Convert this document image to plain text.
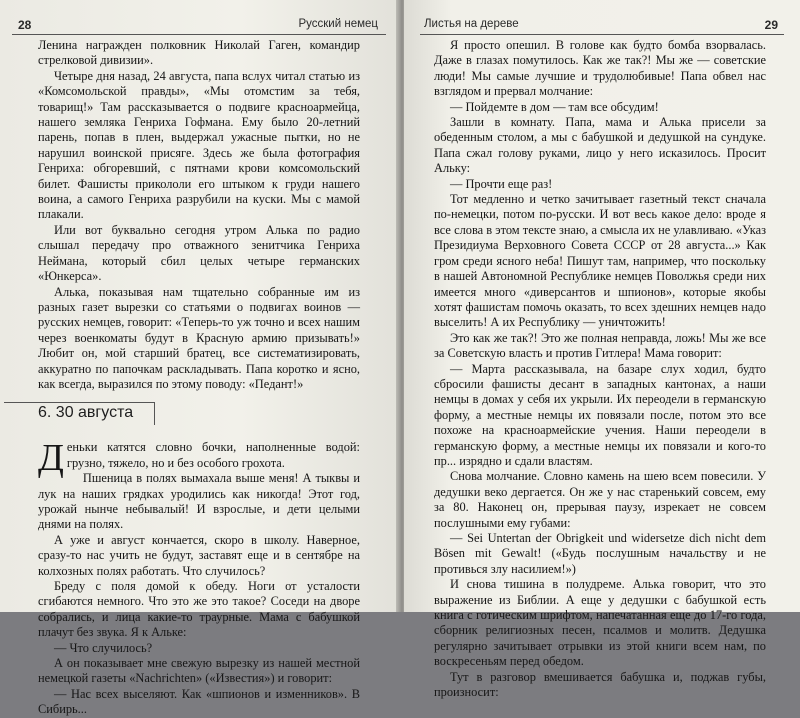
28	Русский немец

Ленина награжден полковник Николай Гаген, командир стрелковой дивизии».

Четыре дня назад, 24 августа, папа вслух читал статью из «Комсомольской правды», «Мы отомстим за тебя, товарищ!» Там рассказывается о подвиге красноармейца, нашего земляка Генриха Гофмана. Ему было 20-летний парень, попав в плен, выдержал ужасные пытки, но не нарушил воинской присяге. Здесь же была фотография Генриха: обгоревший, с пятнами крови комсомольский билет. Фашисты прикололи его штыком к груди нашего воина, а самого Генриха разрубили на куски. Мы с мамой плакали.

Или вот буквально сегодня утром Алька по радио слышал передачу про отважного зенитчика Генриха Неймана, который сбил целых четыре германских «Юнкерса».

Алька, показывая нам тщательно собранные им из разных газет вырезки со статьями о подвигах воинов — русских немцев, говорит: «Теперь-то уж точно и всех нашим через военкоматы будут в Красную армию призывать!» Любит он, мой старший братец, все систематизировать, аккуратно по папочкам раскладывать. Папа коротко и ясно, как всегда, выразился по этому поводу: «Педант!»

6. 30 августа

Деньки катятся словно бочки, наполненные водой: грузно, тяжело, но и без особого грохота.

Пшеница в полях вымахала выше меня! А тыквы и лук на наших грядках уродились как никогда! Этот год, урожай нынче небывалый! И взрослые, и дети целыми днями на полях.

А уже и август кончается, скоро в школу. Наверное, сразу-то нас учить не будут, заставят еще и в сентябре на колхозных полях работать. Что случилось?

Бреду с поля домой к обеду. Ноги от усталости сгибаются немного. Что это же это такое? Соседи на дворе собрались, и лица какие-то траурные. Мама с бабушкой плачут без звука. Я к Альке:

— Что случилось?

А он показывает мне свежую вырезку из нашей местной немецкой газеты «Nachrichten» («Известия») и говорит:

— Нас всех выселяют. Как «шпионов и изменников». В Сибирь...

Листья на дереве	29

Я просто опешил. В голове как будто бомба взорвалась. Даже в глазах помутилось. Как же так?! Мы же — советские люди! Мы самые лучшие и трудолюбивые! Папа обвел нас взглядом и прервал молчание:

— Пойдемте в дом — там все обсудим!

Зашли в комнату. Папа, мама и Алька присели за обеденным столом, а мы с бабушкой и дедушкой на сундуке. Папа сжал голову руками, лицо у него исказилось. Просит Альку:

— Прочти еще раз!

Тот медленно и четко зачитывает газетный текст сначала по-немецки, потом по-русски. И вот весь какое дело: вроде я все слова в этом тексте знаю, а смысла их не улавливаю. «Указ Президиума Верховного Совета СССР от 28 августа...» Как гром среди ясного неба! Пишут там, например, что поскольку в нашей Автономной Республике немцев Поволжья среди них имеется много «диверсантов и шпионов», которые якобы хотят фашистам помочь оказать, то всех здешних немцев надо выселить! А их Республику — уничтожить!

Это как же так?! Это же полная неправда, ложь! Мы же все за Советскую власть и против Гитлера! Мама говорит:

— Марта рассказывала, на базаре слух ходил, будто сбросили фашисты десант в западных кантонах, а наши немцы в домах у себя их укрыли. Их переодели в германскую форму, а местные немцы их повязали после, потом это все похоже на красноармейские учения. Наши переодели в германскую форму, а местные немцы их повязали и кого-то пр... изрядно и сдали властям.

Снова молчание. Словно камень на шею всем повесили. У дедушки веко дергается. Он же у нас старенький совсем, ему за 80. Наконец он, прерывая паузу, изрекает не совсем послушными ему губами:

— Sei Untertan der Obrigkeit und widersetze dich nicht dem Bösen mit Gewalt! («Будь послушным начальству и не противься злу насилием!»)

И снова тишина в полудреме. Алька говорит, что это выражение из Библии. А еще у дедушки с бабушкой есть книга с готическим шрифтом, напечатанная еще до 17-го года, сборник религиозных песен, псалмов и молитв. Дедушка регулярно зачитывает отрывки из этой книги всем нам, по воскресеньям перед обедом.

Тут в разговор вмешивается бабушка и, поджав губы, произносит:
